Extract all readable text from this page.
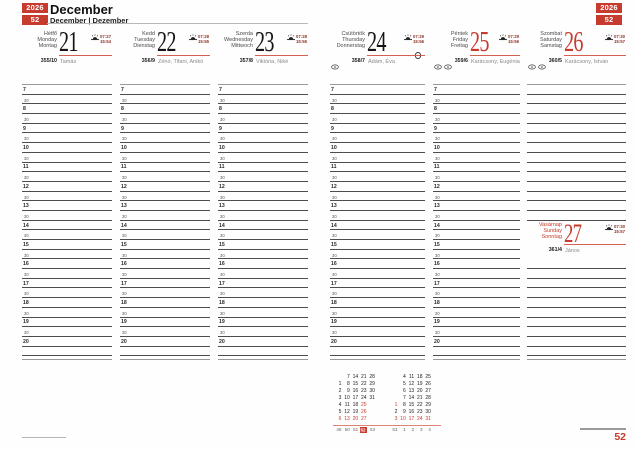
2026
52
December
December | Dezember
2026
52
Hétfő
Monday
Montag 21	07:27
15:54
355/10 Tamás
7
30
8
30
9
30
10
30
11
30
12
30
13
30
14
30
15
30
16
30
17
30
18
30
19
30
20
Kedd
Tuesday
Dienstag 22	07:28
15:55
356/9 Zénó, Tifani, Anikó
7
30
8
30
9
30
10
30
11
30
12
30
13
30
14
30
15
30
16
30
17
30
18
30
19
30
20
Szerda
Wednesday
Mittwoch 23	07:28
15:55
357/8 Viktória, Niké
7
30
8
30
9
30
10
30
11
30
12
30
13
30
14
30
15
30
16
30
17
30
18
30
19
30
20
Csütörtök
Thursday
Donnerstag 24	07:29
15:56
358/7 Ádám, Éva
7
30
8
30
9
30
10
30
11
30
12
30
13
30
14
30
15
30
16
30
17
30
18
30
19
30
20
Péntek
Friday
Freitag 25	07:29
15:56
359/6 Karácsony, Eugénia
7
30
8
30
9
30
10
30
11
30
12
30
13
30
14
30
15
30
16
30
17
30
18
30
19
30
20
Szombat
Saturday
Samstag 26	07:30
15:57
360/5 Karácsony, István
Vasárnap
Sunday
Sonntag 27	07:30
15:57
361/4 János
7 14 21 28	4 11 18 25
1	8 15 22 29	5 12 19 26
2	9 16 23 30	6 13 20 27
3 10 17 24 31	7 14 21 28
4 11 18 25	1	8 15 22 29
5 12 19 26	2	9 16 23 30
6 13 20 27	3 10 17 24 31
49 50 51 52 53	53	1	2	3	4
52
